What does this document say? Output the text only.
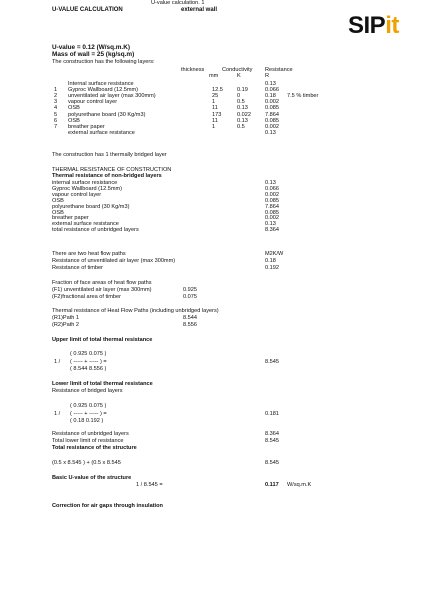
U-value calculation. 1
U-VALUE CALCULATION	external wall
SIPit
U-value = 0.12 (W/sq.m.K)
Mass of wall = 25 (kg/sq.m)
The construction has the following layers:
thickness	Conductivity Resistance
mm	K	R
Internal surface resistance	0.13
1 Gyproc Wallboard (12.5mm)	12.5	0.19	0.066
2 unventilated air layer (max 300mm)	25	0	0.18 7.5 % timber
3 vapour control layer	1	0.5	0.002
4 OSB	11	0.13	0.085
5 polyurethane board (30 Kg/m3)	173	0.022	7.864
6 OSB	11	0.13	0.085
7 breather paper	1	0.5	0.002
external surface resistance	0.13
The construction has 1 thermally bridged layer
THERMAL RESISTANCE OF CONSTRUCTION
Thermal resistance of non-bridged layers
internal surface resistance	0.13
Gyproc Wallboard (12.5mm)	0.066
vapour control layer	0.002
OSB	0.085
polyurethane board (30 Kg/m3)	7.864
OSB	0.085
breather paper	0.002
external surface resistance	0.13
total resistance of unbridged layers	8.364
There are two heat flow paths	M2K/W
Resistance of unventilated air layer (max 300mm)	0.18
Resistance of timber	0.192
Fraction of face areas of heat flow paths
(F1) unventilated air layer (max 300mm)	0.925
(F2)fractional area of timber	0.075
Thermal resistance of Heat Flow Paths (including unbridged layers)
(R1)Path 1	8.544
(R2)Path 2	8.556
Upper limit of total thermal resistance
( 0.925 0.075 )
1 / ( ----- + ----- ) =
( 8.544 8.556 )
8.545
Lower limit of total thermal resistance
Resistance of bridged layers
( 0.925 0.075 )
1 / ( ----- + ----- ) =
( 0.18 0.192 )
0.181
Resistance of unbridged layers	8.364
Total lower limit of resistance	8.545
Total resistance of the structure
(0.5 x 8.545 ) + (0.5 x 8.545	8.545
Basic U-value of the structure
1 / 8.545 =	0.117 W/sq.m.K
Correction for air gaps through insulation
